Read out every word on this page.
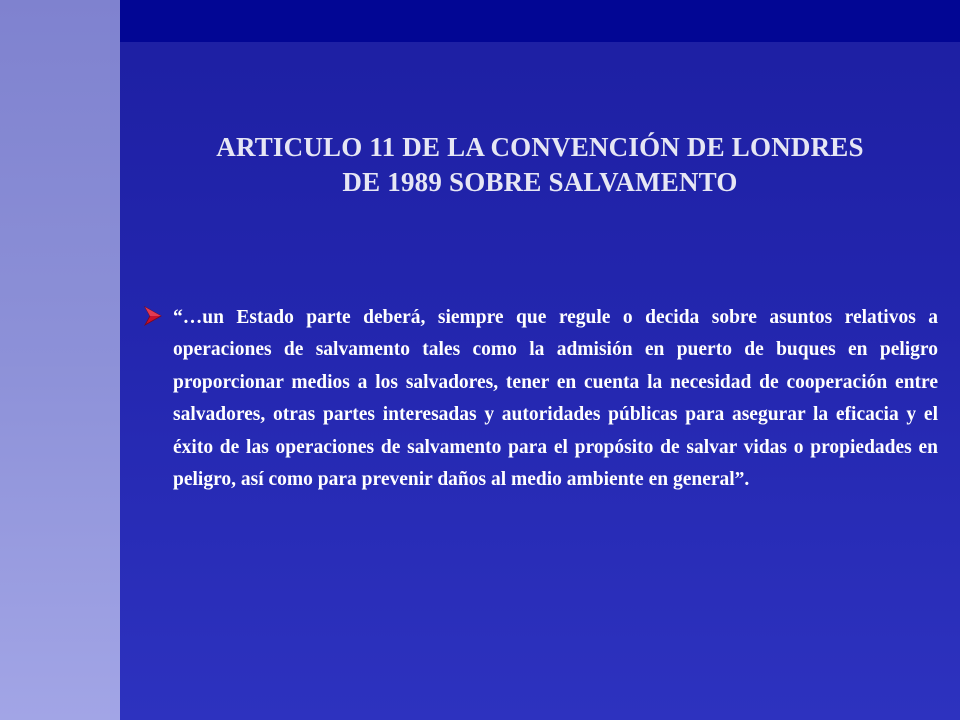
ARTICULO 11 DE LA CONVENCIÓN DE LONDRES
DE 1989 SOBRE SALVAMENTO
“…un Estado parte deberá, siempre que regule o decida sobre asuntos relativos a operaciones de salvamento tales como la admisión en puerto de buques en peligro proporcionar medios a los salvadores, tener en cuenta la necesidad de cooperación entre salvadores, otras partes interesadas y autoridades públicas para asegurar la eficacia y el éxito de las operaciones de salvamento para el propósito de salvar vidas o propiedades en peligro, así como para prevenir daños al medio ambiente en general”.
